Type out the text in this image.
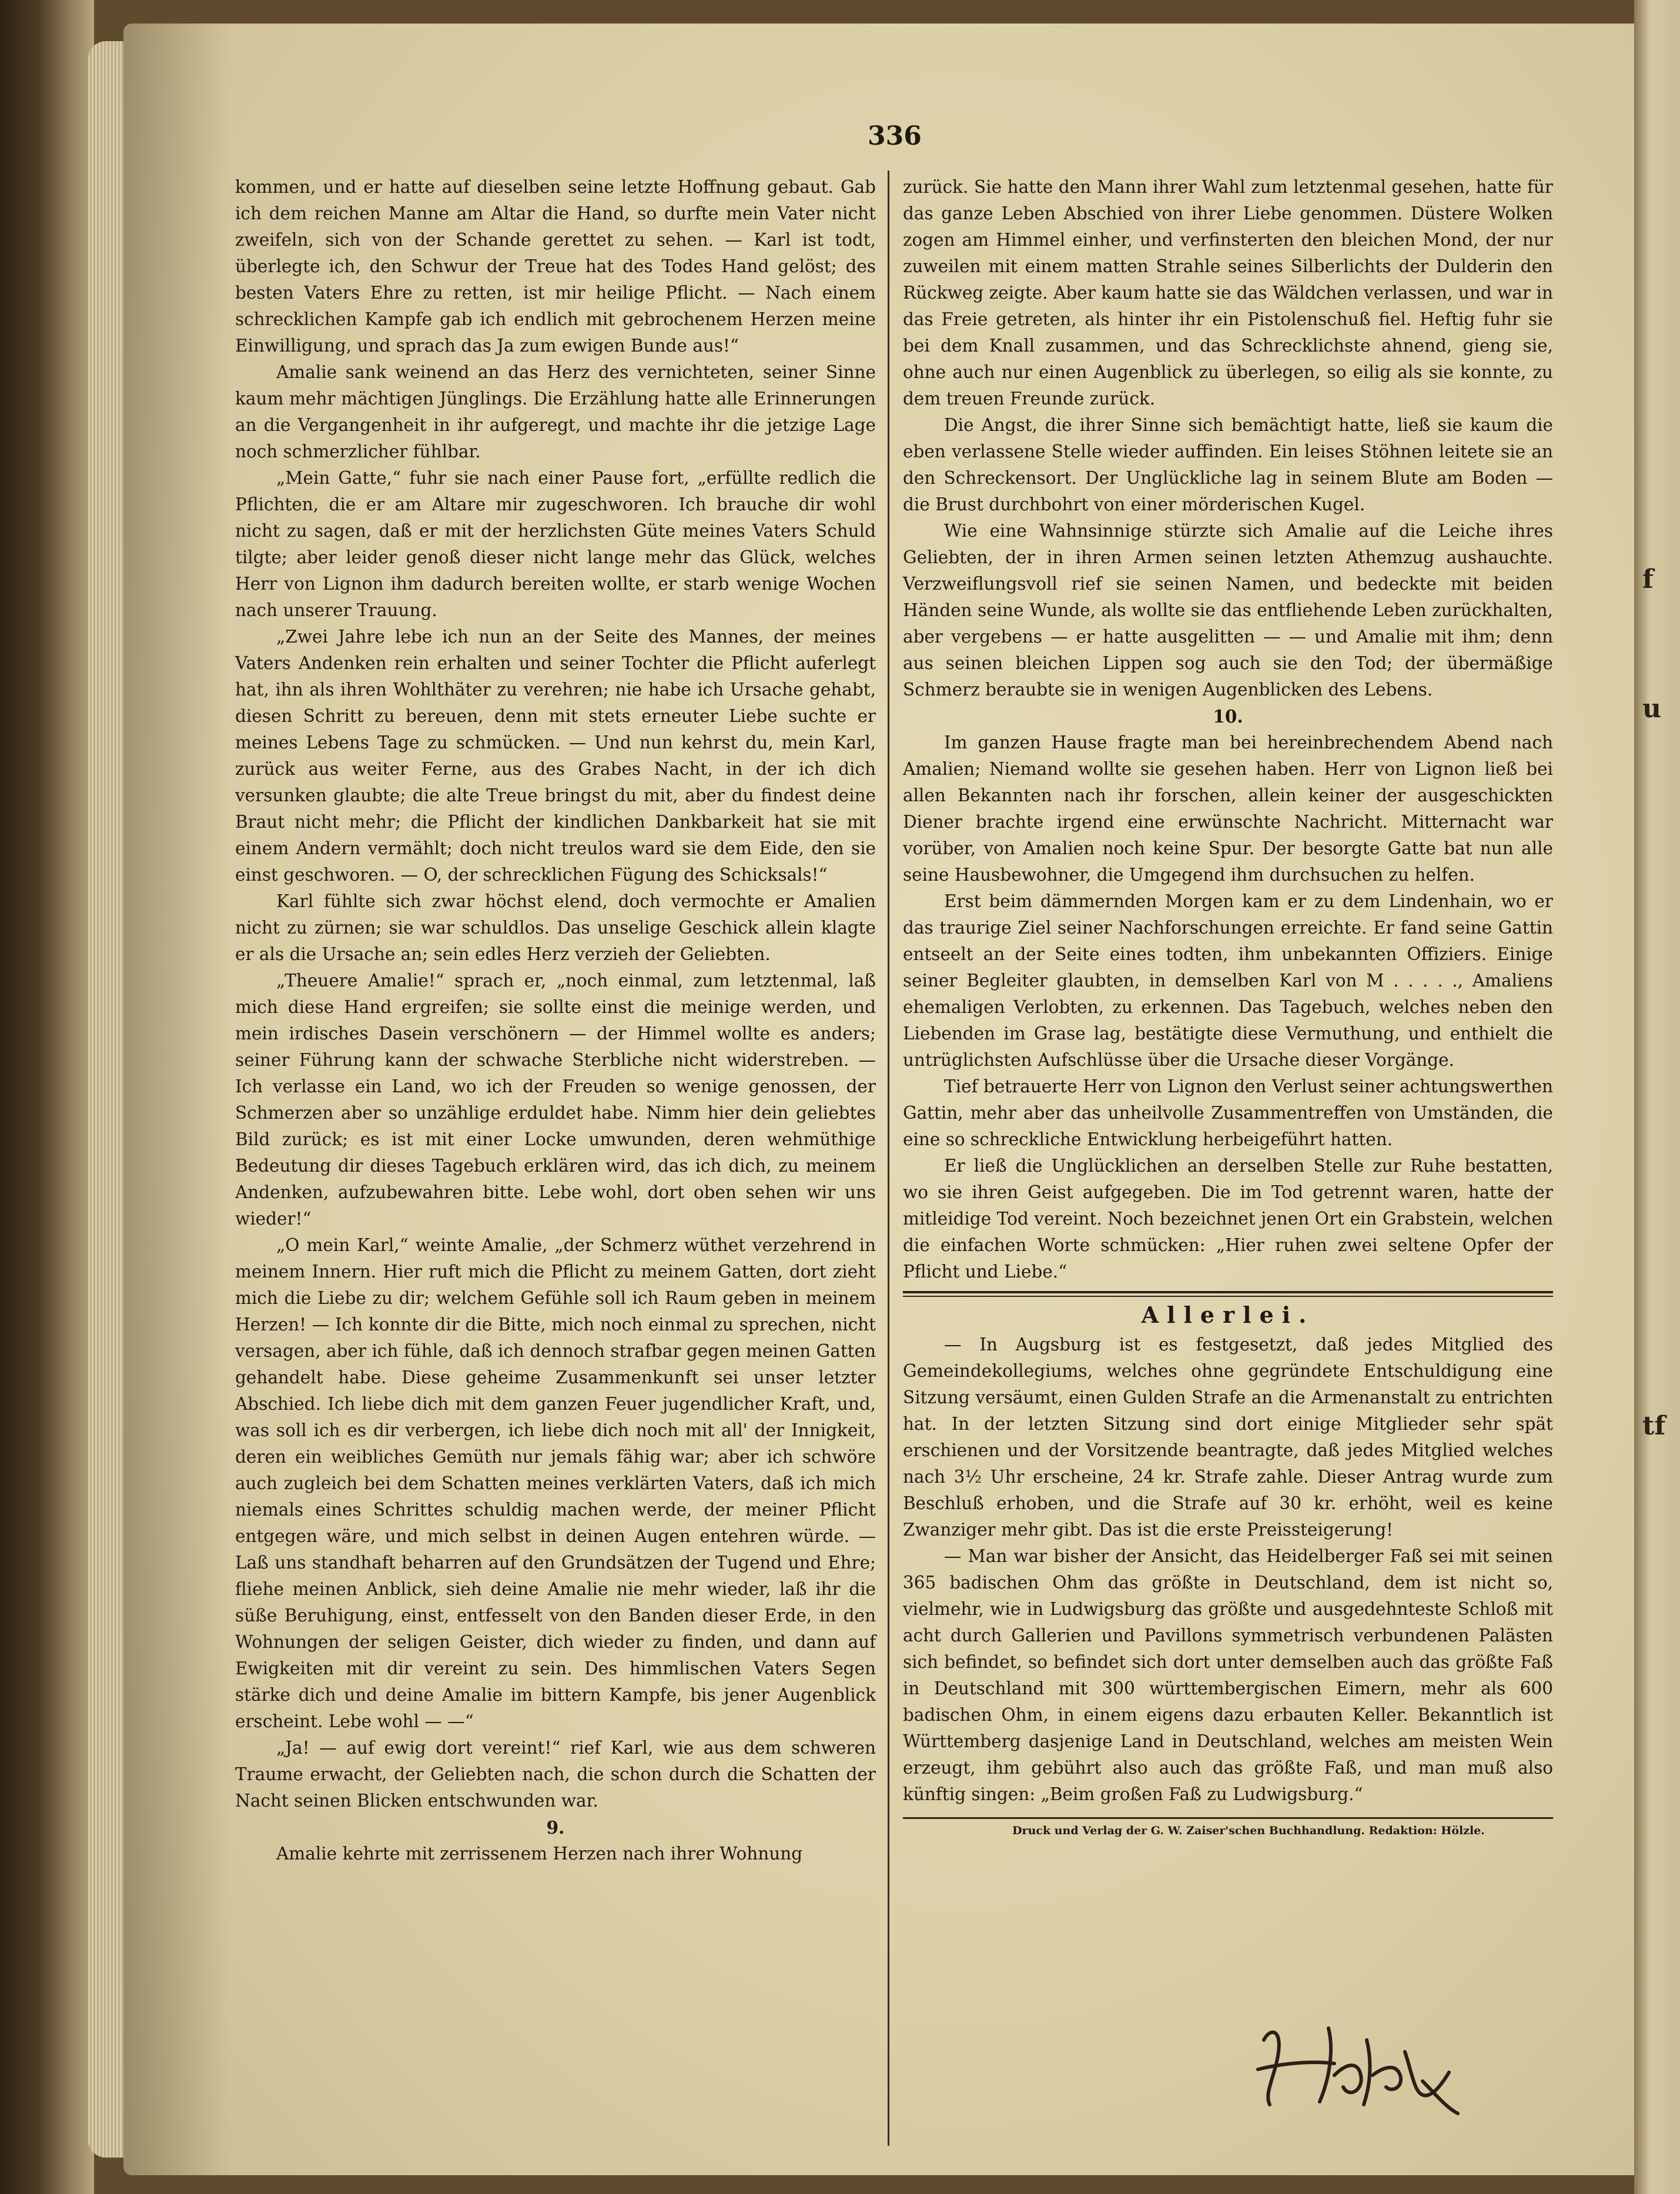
f
u
tf
336

kommen, und er hatte auf dieselben seine letzte Hoffnung gebaut. Gab ich dem reichen Manne am Altar die Hand, so durfte mein Vater nicht zweifeln, sich von der Schande gerettet zu sehen. — Karl ist todt, überlegte ich, den Schwur der Treue hat des Todes Hand gelöst; des besten Vaters Ehre zu retten, ist mir heilige Pflicht. — Nach einem schrecklichen Kampfe gab ich endlich mit gebrochenem Herzen meine Einwilligung, und sprach das Ja zum ewigen Bunde aus!“

Amalie sank weinend an das Herz des vernichteten, seiner Sinne kaum mehr mächtigen Jünglings. Die Erzählung hatte alle Erinnerungen an die Vergangenheit in ihr aufgeregt, und machte ihr die jetzige Lage noch schmerzlicher fühlbar.

„Mein Gatte,“ fuhr sie nach einer Pause fort, „erfüllte redlich die Pflichten, die er am Altare mir zugeschworen. Ich brauche dir wohl nicht zu sagen, daß er mit der herzlichsten Güte meines Vaters Schuld tilgte; aber leider genoß dieser nicht lange mehr das Glück, welches Herr von Lignon ihm dadurch bereiten wollte, er starb wenige Wochen nach unserer Trauung.

„Zwei Jahre lebe ich nun an der Seite des Mannes, der meines Vaters Andenken rein erhalten und seiner Tochter die Pflicht auferlegt hat, ihn als ihren Wohlthäter zu verehren; nie habe ich Ursache gehabt, diesen Schritt zu bereuen, denn mit stets erneuter Liebe suchte er meines Lebens Tage zu schmücken. — Und nun kehrst du, mein Karl, zurück aus weiter Ferne, aus des Grabes Nacht, in der ich dich versunken glaubte; die alte Treue bringst du mit, aber du findest deine Braut nicht mehr; die Pflicht der kindlichen Dankbarkeit hat sie mit einem Andern vermählt; doch nicht treulos ward sie dem Eide, den sie einst geschworen. — O, der schrecklichen Fügung des Schicksals!“

Karl fühlte sich zwar höchst elend, doch vermochte er Amalien nicht zu zürnen; sie war schuldlos. Das unselige Geschick allein klagte er als die Ursache an; sein edles Herz verzieh der Geliebten.

„Theuere Amalie!“ sprach er, „noch einmal, zum letztenmal, laß mich diese Hand ergreifen; sie sollte einst die meinige werden, und mein irdisches Dasein verschönern — der Himmel wollte es anders; seiner Führung kann der schwache Sterbliche nicht widerstreben. — Ich verlasse ein Land, wo ich der Freuden so wenige genossen, der Schmerzen aber so unzählige erduldet habe. Nimm hier dein geliebtes Bild zurück; es ist mit einer Locke umwunden, deren wehmüthige Bedeutung dir dieses Tagebuch erklären wird, das ich dich, zu meinem Andenken, aufzubewahren bitte. Lebe wohl, dort oben sehen wir uns wieder!“

„O mein Karl,“ weinte Amalie, „der Schmerz wüthet verzehrend in meinem Innern. Hier ruft mich die Pflicht zu meinem Gatten, dort zieht mich die Liebe zu dir; welchem Gefühle soll ich Raum geben in meinem Herzen! — Ich konnte dir die Bitte, mich noch einmal zu sprechen, nicht versagen, aber ich fühle, daß ich dennoch strafbar gegen meinen Gatten gehandelt habe. Diese geheime Zusammenkunft sei unser letzter Abschied. Ich liebe dich mit dem ganzen Feuer jugendlicher Kraft, und, was soll ich es dir verbergen, ich liebe dich noch mit all' der Innigkeit, deren ein weibliches Gemüth nur jemals fähig war; aber ich schwöre auch zugleich bei dem Schatten meines verklärten Vaters, daß ich mich niemals eines Schrittes schuldig machen werde, der meiner Pflicht entgegen wäre, und mich selbst in deinen Augen entehren würde. — Laß uns standhaft beharren auf den Grundsätzen der Tugend und Ehre; fliehe meinen Anblick, sieh deine Amalie nie mehr wieder, laß ihr die süße Beruhigung, einst, entfesselt von den Banden dieser Erde, in den Wohnungen der seligen Geister, dich wieder zu finden, und dann auf Ewigkeiten mit dir vereint zu sein. Des himmlischen Vaters Segen stärke dich und deine Amalie im bittern Kampfe, bis jener Augenblick erscheint. Lebe wohl — —“

„Ja! — auf ewig dort vereint!“ rief Karl, wie aus dem schweren Traume erwacht, der Geliebten nach, die schon durch die Schatten der Nacht seinen Blicken entschwunden war.

9.

Amalie kehrte mit zerrissenem Herzen nach ihrer Wohnung

zurück. Sie hatte den Mann ihrer Wahl zum letztenmal gesehen, hatte für das ganze Leben Abschied von ihrer Liebe genommen. Düstere Wolken zogen am Himmel einher, und verfinsterten den bleichen Mond, der nur zuweilen mit einem matten Strahle seines Silberlichts der Dulderin den Rückweg zeigte. Aber kaum hatte sie das Wäldchen verlassen, und war in das Freie getreten, als hinter ihr ein Pistolenschuß fiel. Heftig fuhr sie bei dem Knall zusammen, und das Schrecklichste ahnend, gieng sie, ohne auch nur einen Augenblick zu überlegen, so eilig als sie konnte, zu dem treuen Freunde zurück.

Die Angst, die ihrer Sinne sich bemächtigt hatte, ließ sie kaum die eben verlassene Stelle wieder auffinden. Ein leises Stöhnen leitete sie an den Schreckensort. Der Unglückliche lag in seinem Blute am Boden — die Brust durchbohrt von einer mörderischen Kugel.

Wie eine Wahnsinnige stürzte sich Amalie auf die Leiche ihres Geliebten, der in ihren Armen seinen letzten Athemzug aushauchte. Verzweiflungsvoll rief sie seinen Namen, und bedeckte mit beiden Händen seine Wunde, als wollte sie das entfliehende Leben zurückhalten, aber vergebens — er hatte ausgelitten — — und Amalie mit ihm; denn aus seinen bleichen Lippen sog auch sie den Tod; der übermäßige Schmerz beraubte sie in wenigen Augenblicken des Lebens.

10.

Im ganzen Hause fragte man bei hereinbrechendem Abend nach Amalien; Niemand wollte sie gesehen haben. Herr von Lignon ließ bei allen Bekannten nach ihr forschen, allein keiner der ausgeschickten Diener brachte irgend eine erwünschte Nachricht. Mitternacht war vorüber, von Amalien noch keine Spur. Der besorgte Gatte bat nun alle seine Hausbewohner, die Umgegend ihm durchsuchen zu helfen.

Erst beim dämmernden Morgen kam er zu dem Lindenhain, wo er das traurige Ziel seiner Nachforschungen erreichte. Er fand seine Gattin entseelt an der Seite eines todten, ihm unbekannten Offiziers. Einige seiner Begleiter glaubten, in demselben Karl von M . . . . ., Amaliens ehemaligen Verlobten, zu erkennen. Das Tagebuch, welches neben den Liebenden im Grase lag, bestätigte diese Vermuthung, und enthielt die untrüglichsten Aufschlüsse über die Ursache dieser Vorgänge.

Tief betrauerte Herr von Lignon den Verlust seiner achtungswerthen Gattin, mehr aber das unheilvolle Zusammentreffen von Umständen, die eine so schreckliche Entwicklung herbeigeführt hatten.

Er ließ die Unglücklichen an derselben Stelle zur Ruhe bestatten, wo sie ihren Geist aufgegeben. Die im Tod getrennt waren, hatte der mitleidige Tod vereint. Noch bezeichnet jenen Ort ein Grabstein, welchen die einfachen Worte schmücken: „Hier ruhen zwei seltene Opfer der Pflicht und Liebe.“

Allerlei.

— In Augsburg ist es festgesetzt, daß jedes Mitglied des Gemeindekollegiums, welches ohne gegründete Entschuldigung eine Sitzung versäumt, einen Gulden Strafe an die Armenanstalt zu entrichten hat. In der letzten Sitzung sind dort einige Mitglieder sehr spät erschienen und der Vorsitzende beantragte, daß jedes Mitglied welches nach 3½ Uhr erscheine, 24 kr. Strafe zahle. Dieser Antrag wurde zum Beschluß erhoben, und die Strafe auf 30 kr. erhöht, weil es keine Zwanziger mehr gibt. Das ist die erste Preissteigerung!

— Man war bisher der Ansicht, das Heidelberger Faß sei mit seinen 365 badischen Ohm das größte in Deutschland, dem ist nicht so, vielmehr, wie in Ludwigsburg das größte und ausgedehnteste Schloß mit acht durch Gallerien und Pavillons symmetrisch verbundenen Palästen sich befindet, so befindet sich dort unter demselben auch das größte Faß in Deutschland mit 300 württembergischen Eimern, mehr als 600 badischen Ohm, in einem eigens dazu erbauten Keller. Bekanntlich ist Württemberg dasjenige Land in Deutschland, welches am meisten Wein erzeugt, ihm gebührt also auch das größte Faß, und man muß also künftig singen: „Beim großen Faß zu Ludwigsburg.“

Druck und Verlag der G. W. Zaiser'schen Buchhandlung. Redaktion: Hölzle.
